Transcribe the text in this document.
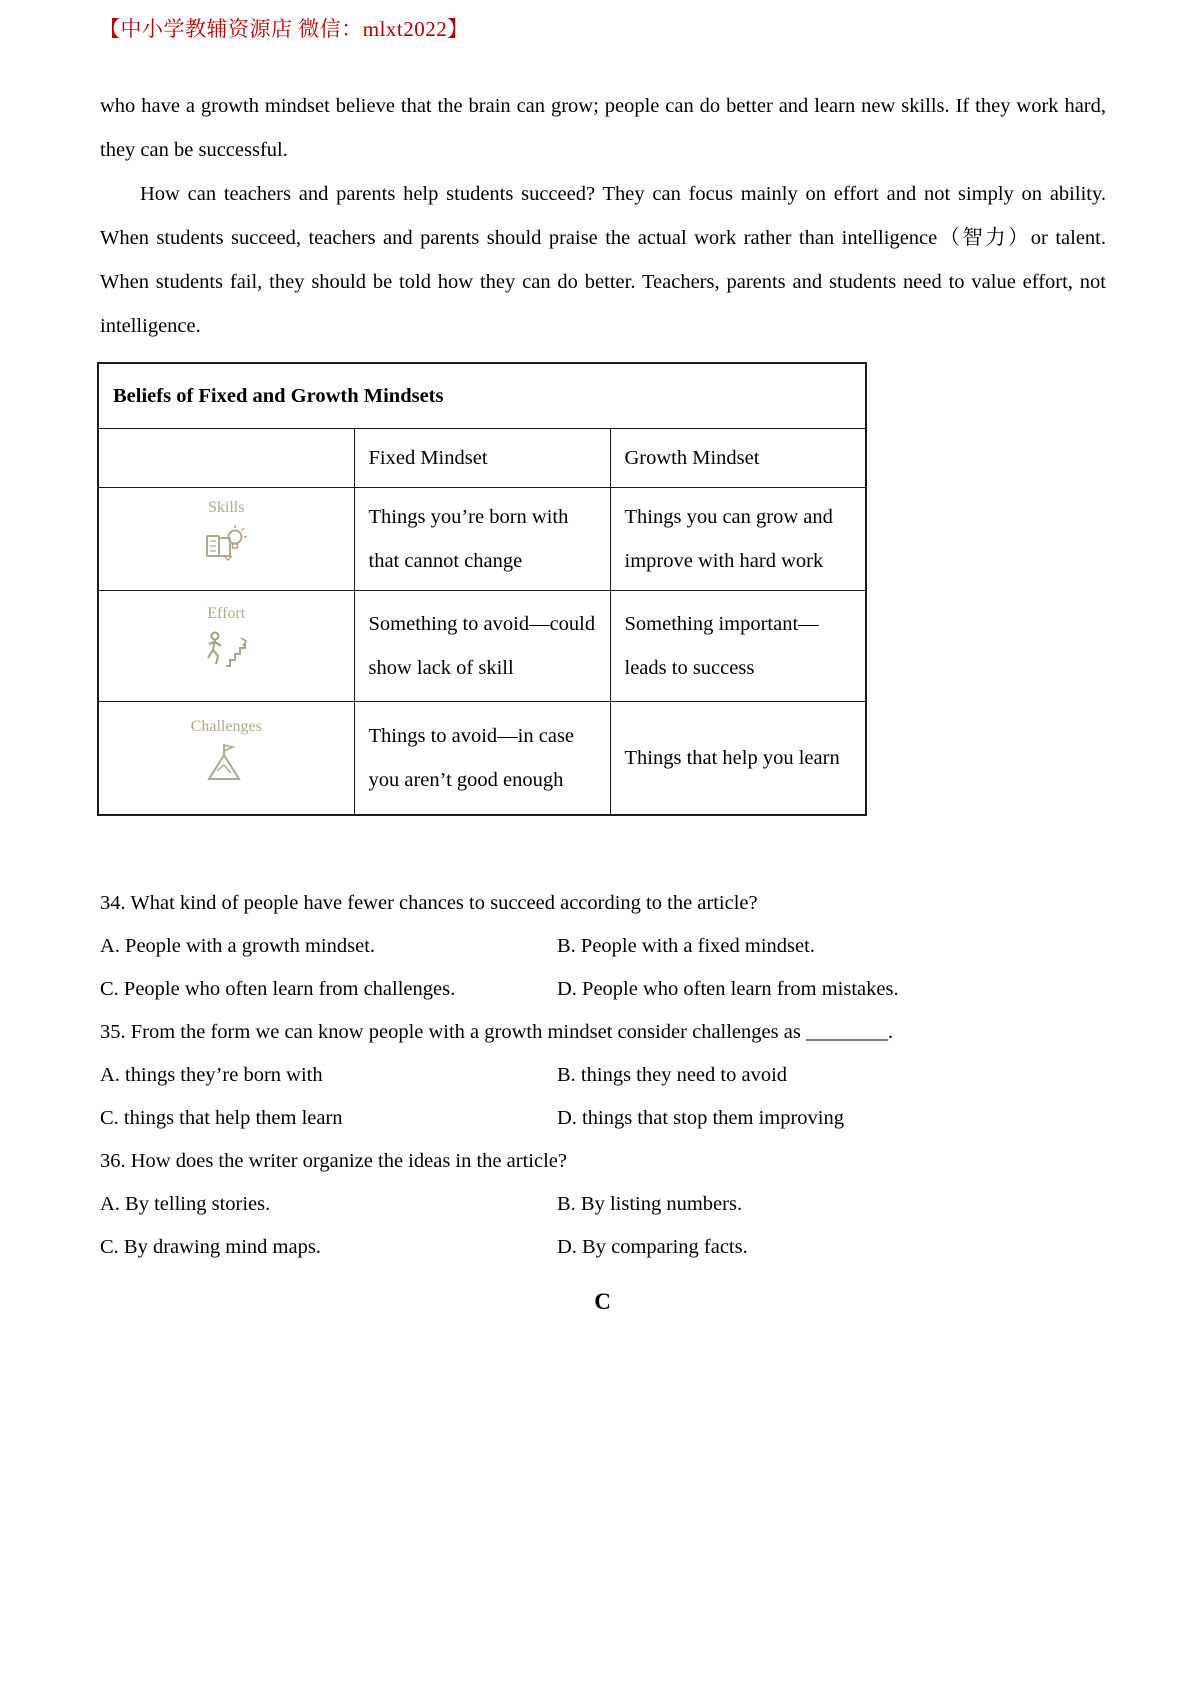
【中小学教辅资源店 微信：mlxt2022】

who have a growth mindset believe that the brain can grow; people can do better and learn new skills. If they work hard, they can be successful.

How can teachers and parents help students succeed? They can focus mainly on effort and not simply on ability. When students succeed, teachers and parents should praise the actual work rather than intelligence（智力）or talent. When students fail, they should be told how they can do better. Teachers, parents and students need to value effort, not intelligence.

Beliefs of Fixed and Growth Mindsets		
	Fixed Mindset	Growth Mindset

Skills	Things you’re born with that cannot change	Things you can grow and improve with hard work

Effort	Something to avoid—could show lack of skill	Something important—leads to success

Challenges	Things to avoid—in case you aren’t good enough	Things that help you learn

34. What kind of people have fewer chances to succeed according to the article?

A. People with a growth mindset.	B. People with a fixed mindset.
C. People who often learn from challenges.	D. People who often learn from mistakes.

35. From the form we can know people with a growth mindset consider challenges as ________.

A. things they’re born with	B. things they need to avoid
C. things that help them learn	D. things that stop them improving

36. How does the writer organize the ideas in the article?

A. By telling stories.	B. By listing numbers.
C. By drawing mind maps.	D. By comparing facts.
C
